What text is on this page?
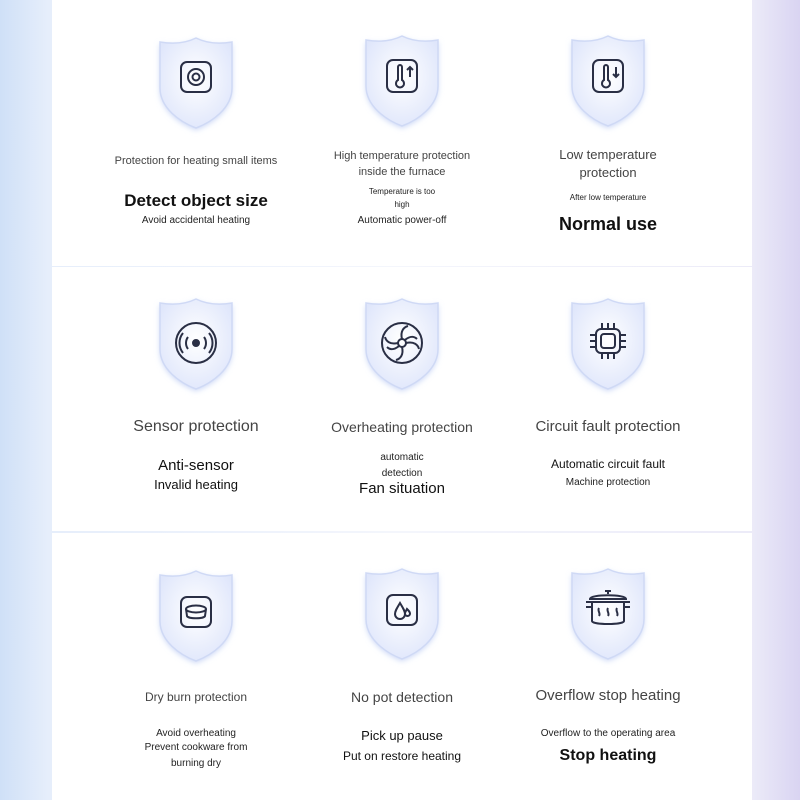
Protection for heating small items
Detect object size
Avoid accidental heating
High temperature protection
inside the furnace
Temperature is too
high
Automatic power-off
Low temperature
protection
After low temperature
Normal use
Sensor protection
Anti-sensor
Invalid heating
Overheating protection
automatic
detection
Fan situation
Circuit fault protection
Automatic circuit fault
Machine protection
Dry burn protection
Avoid overheating
Prevent cookware from
burning dry
No pot detection
Pick up pause
Put on restore heating
Overflow stop heating
Overflow to the operating area
Stop heating
